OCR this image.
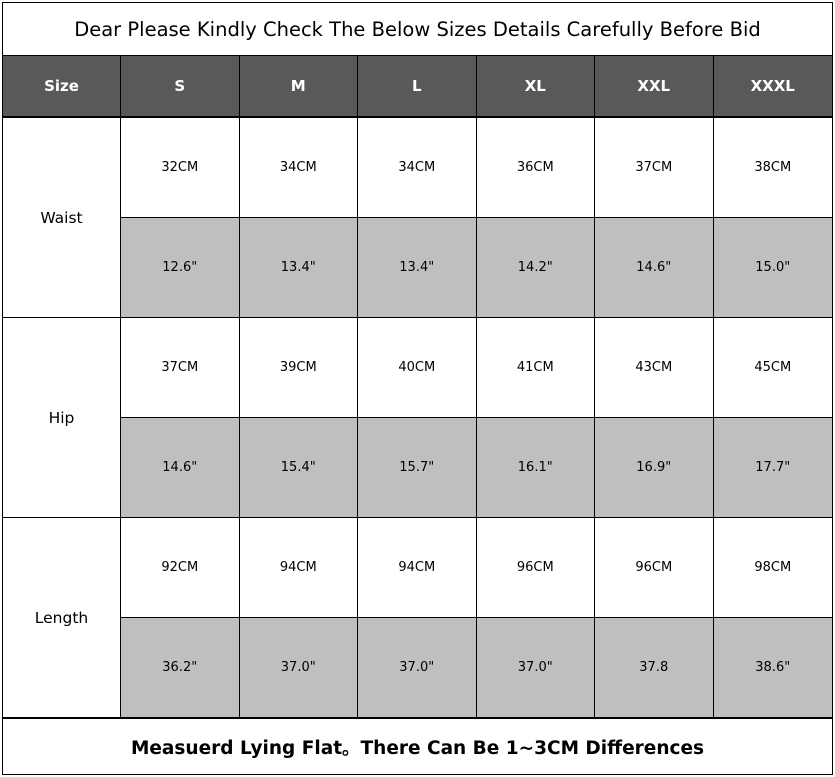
Dear Please Kindly Check The Below Sizes Details Carefully Before Bid
Size	S	M	L	XL	XXL	XXXL
Waist
32CM	34CM	34CM	36CM	37CM	38CM
12.6"	13.4"	13.4"	14.2"	14.6"	15.0"
Hip
37CM	39CM	40CM	41CM	43CM	45CM
14.6"	15.4"	15.7"	16.1"	16.9"	17.7"
Length
92CM	94CM	94CM	96CM	96CM	98CM
36.2"	37.0"	37.0"	37.0"	37.8	38.6"
Measuerd Lying Flat。There Can Be 1~3CM Differences
